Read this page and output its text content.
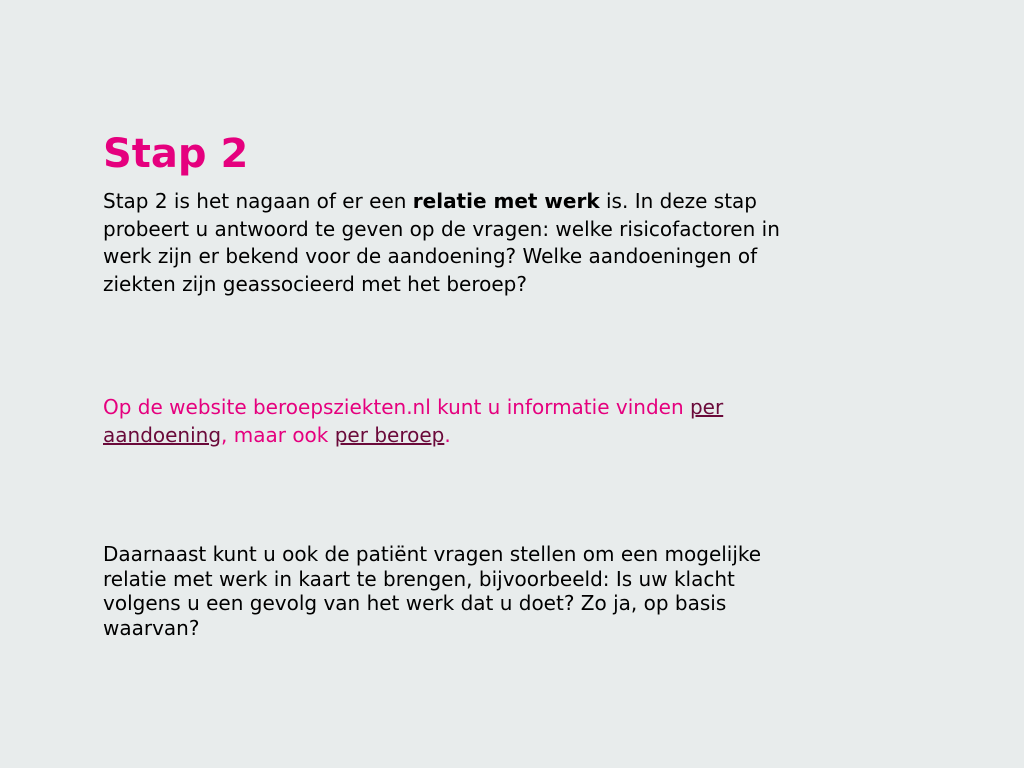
Stap 2

Stap 2 is het nagaan of er een relatie met werk is. In deze stap
probeert u antwoord te geven op de vragen: welke risicofactoren in
werk zijn er bekend voor de aandoening? Welke aandoeningen of
ziekten zijn geassocieerd met het beroep?

Op de website beroepsziekten.nl kunt u informatie vinden per
aandoening, maar ook per beroep.

Daarnaast kunt u ook de patiënt vragen stellen om een mogelijke
relatie met werk in kaart te brengen, bijvoorbeeld: Is uw klacht
volgens u een gevolg van het werk dat u doet? Zo ja, op basis
waarvan?
